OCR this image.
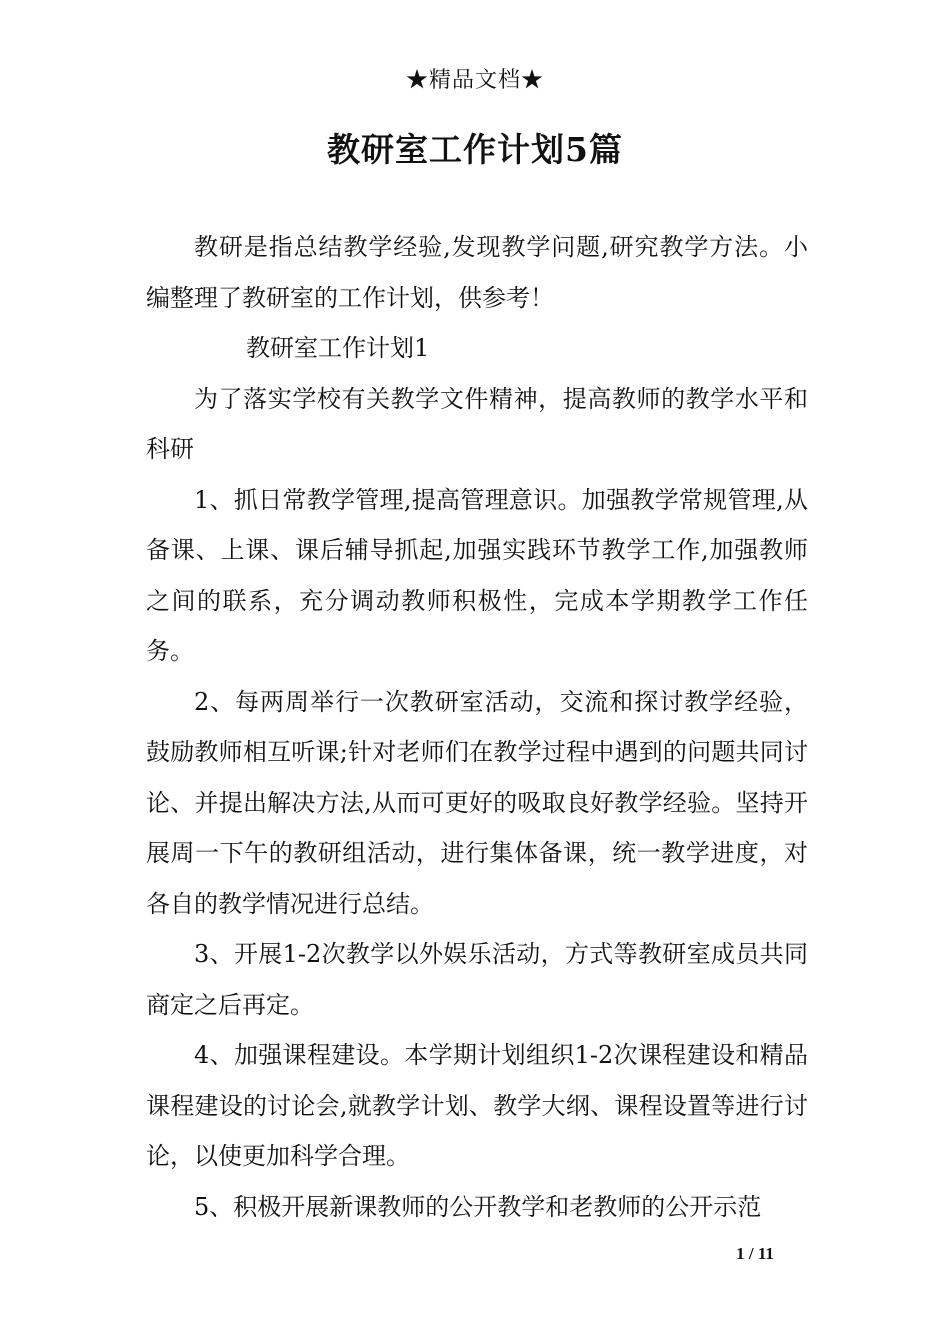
★精品文档★
教研室工作计划5篇

教研是指总结教学经验,发现教学问题,研究教学方法。小编整理了教研室的工作计划，供参考！

教研室工作计划1

为了落实学校有关教学文件精神，提高教师的教学水平和科研

1、抓日常教学管理,提高管理意识。加强教学常规管理,从备课、上课、课后辅导抓起,加强实践环节教学工作,加强教师之间的联系，充分调动教师积极性，完成本学期教学工作任务。

2、每两周举行一次教研室活动，交流和探讨教学经验，鼓励教师相互听课;针对老师们在教学过程中遇到的问题共同讨论、并提出解决方法,从而可更好的吸取良好教学经验。坚持开展周一下午的教研组活动，进行集体备课，统一教学进度，对各自的教学情况进行总结。

3、开展1-2次教学以外娱乐活动，方式等教研室成员共同商定之后再定。

4、加强课程建设。本学期计划组织1-2次课程建设和精品课程建设的讨论会,就教学计划、教学大纲、课程设置等进行讨论，以使更加科学合理。

5、积极开展新课教师的公开教学和老教师的公开示范

1 / 11
